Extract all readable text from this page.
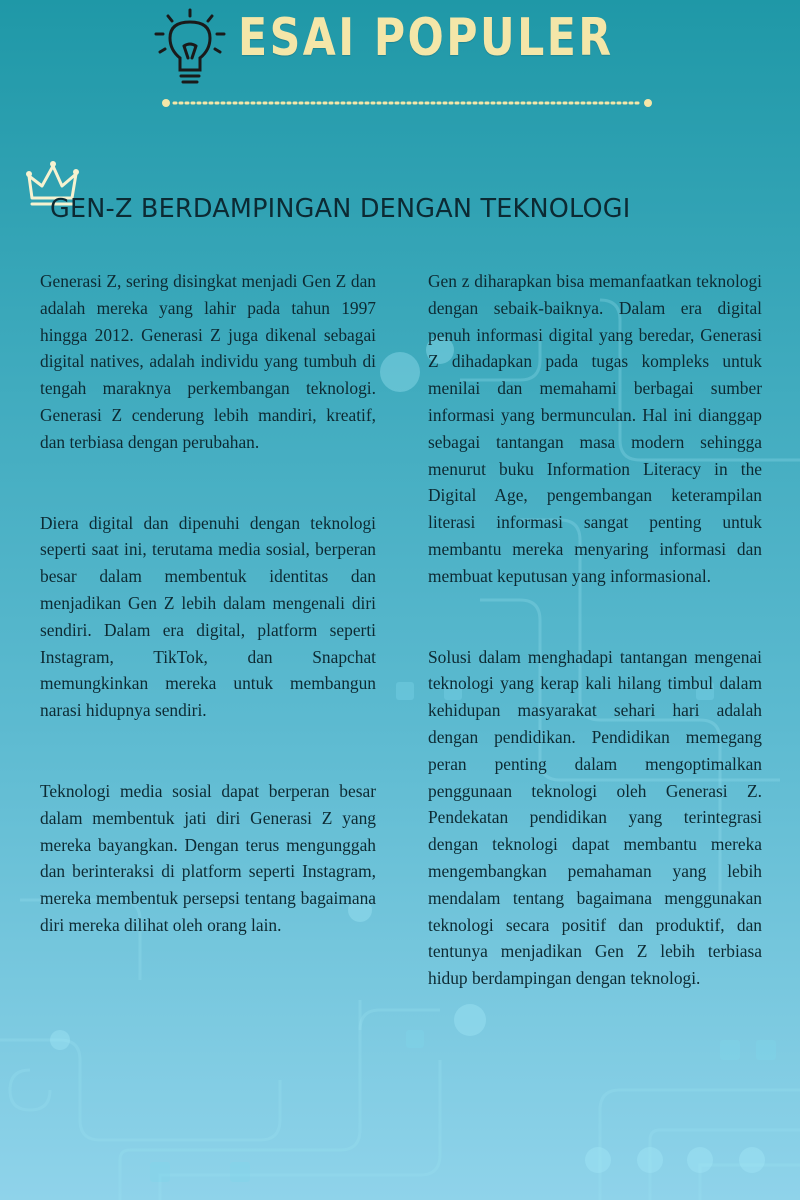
ESAI POPULER
GEN-Z BERDAMPINGAN DENGAN TEKNOLOGI

Generasi Z, sering disingkat menjadi Gen Z dan adalah mereka yang lahir pada tahun 1997 hingga 2012. Generasi Z juga dikenal sebagai digital natives, adalah individu yang tumbuh di tengah maraknya perkembangan teknologi. Generasi Z cenderung lebih mandiri, kreatif, dan terbiasa dengan perubahan.

Diera digital dan dipenuhi dengan teknologi seperti saat ini, terutama media sosial, berperan besar dalam membentuk identitas dan menjadikan Gen Z lebih dalam mengenali diri sendiri. Dalam era digital, platform seperti Instagram, TikTok, dan Snapchat memungkinkan mereka untuk membangun narasi hidupnya sendiri.

Teknologi media sosial dapat berperan besar dalam membentuk jati diri Generasi Z yang mereka bayangkan. Dengan terus mengunggah dan berinteraksi di platform seperti Instagram, mereka membentuk persepsi tentang bagaimana diri mereka dilihat oleh orang lain.

Gen z diharapkan bisa memanfaatkan teknologi dengan sebaik-baiknya. Dalam era digital penuh informasi digital yang beredar, Generasi Z dihadapkan pada tugas kompleks untuk menilai dan memahami berbagai sumber informasi yang bermunculan. Hal ini dianggap sebagai tantangan masa modern sehingga menurut buku Information Literacy in the Digital Age, pengembangan keterampilan literasi informasi sangat penting untuk membantu mereka menyaring informasi dan membuat keputusan yang informasional.

Solusi dalam menghadapi tantangan mengenai teknologi yang kerap kali hilang timbul dalam kehidupan masyarakat sehari hari adalah dengan pendidikan. Pendidikan memegang peran penting dalam mengoptimalkan penggunaan teknologi oleh Generasi Z. Pendekatan pendidikan yang terintegrasi dengan teknologi dapat membantu mereka mengembangkan pemahaman yang lebih mendalam tentang bagaimana menggunakan teknologi secara positif dan produktif, dan tentunya menjadikan Gen Z lebih terbiasa hidup berdampingan dengan teknologi.
